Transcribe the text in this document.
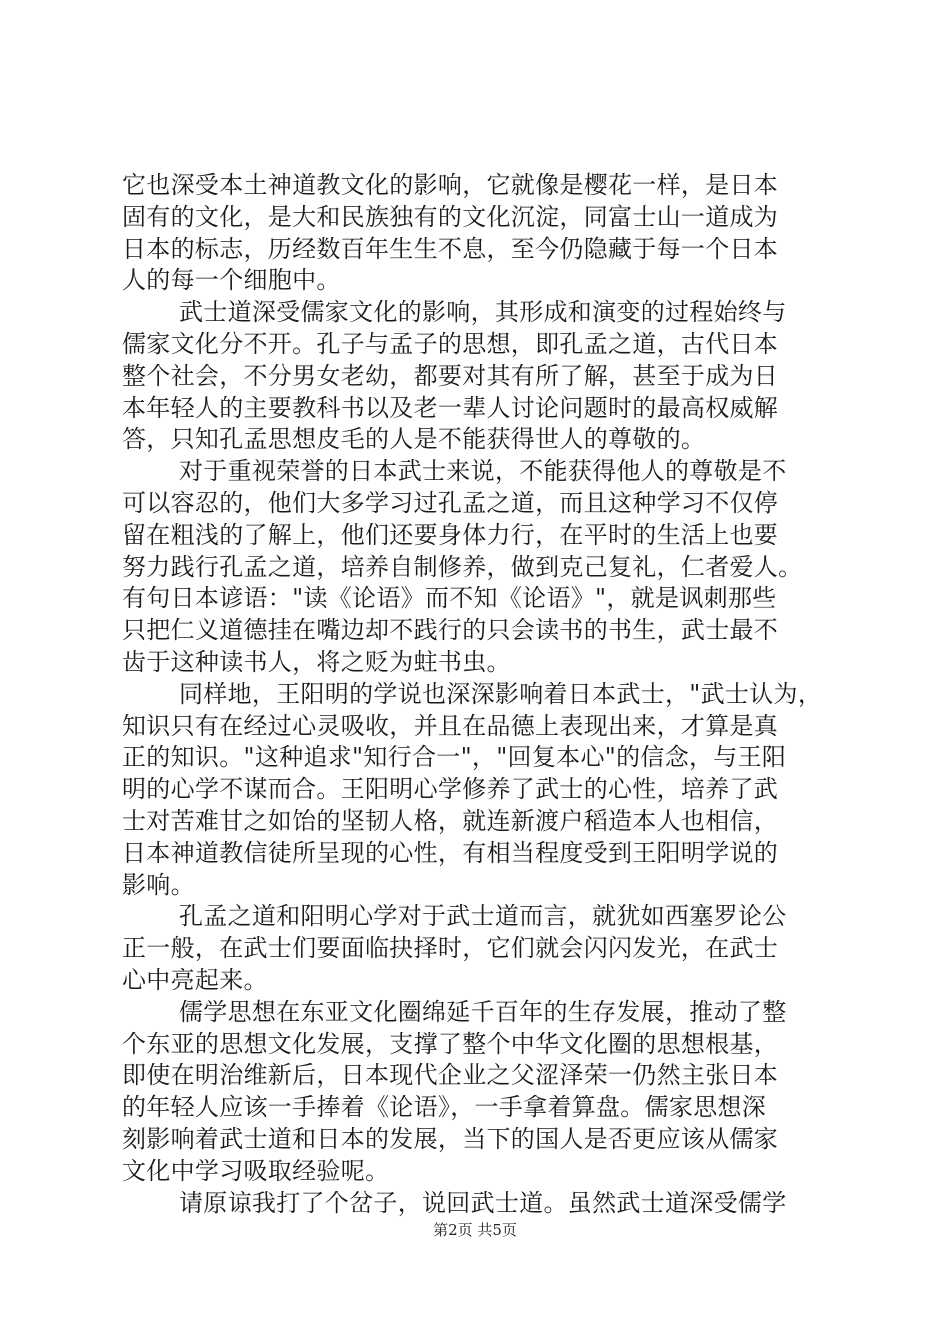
它也深受本土神道教文化的影响，它就像是樱花一样，是日本
固有的文化，是大和民族独有的文化沉淀，同富士山一道成为
日本的标志，历经数百年生生不息，至今仍隐藏于每一个日本
人的每一个细胞中。
武士道深受儒家文化的影响，其形成和演变的过程始终与
儒家文化分不开。孔子与孟子的思想，即孔孟之道，古代日本
整个社会，不分男女老幼，都要对其有所了解，甚至于成为日
本年轻人的主要教科书以及老一辈人讨论问题时的最高权威解
答，只知孔孟思想皮毛的人是不能获得世人的尊敬的。
对于重视荣誉的日本武士来说，不能获得他人的尊敬是不
可以容忍的，他们大多学习过孔孟之道，而且这种学习不仅停
留在粗浅的了解上，他们还要身体力行，在平时的生活上也要
努力践行孔孟之道，培养自制修养，做到克己复礼，仁者爱人。
有句日本谚语："读《论语》而不知《论语》"，就是讽刺那些
只把仁义道德挂在嘴边却不践行的只会读书的书生，武士最不
齿于这种读书人，将之贬为蛀书虫。
同样地，王阳明的学说也深深影响着日本武士，"武士认为，
知识只有在经过心灵吸收，并且在品德上表现出来，才算是真
正的知识。"这种追求"知行合一"，"回复本心"的信念，与王阳
明的心学不谋而合。王阳明心学修养了武士的心性，培养了武
士对苦难甘之如饴的坚韧人格，就连新渡户稻造本人也相信，
日本神道教信徒所呈现的心性，有相当程度受到王阳明学说的
影响。
孔孟之道和阳明心学对于武士道而言，就犹如西塞罗论公
正一般，在武士们要面临抉择时，它们就会闪闪发光，在武士
心中亮起来。
儒学思想在东亚文化圈绵延千百年的生存发展，推动了整
个东亚的思想文化发展，支撑了整个中华文化圈的思想根基，
即使在明治维新后，日本现代企业之父涩泽荣一仍然主张日本
的年轻人应该一手捧着《论语》，一手拿着算盘。儒家思想深
刻影响着武士道和日本的发展，当下的国人是否更应该从儒家
文化中学习吸取经验呢。
请原谅我打了个岔子，说回武士道。虽然武士道深受儒学
第2页 共5页
